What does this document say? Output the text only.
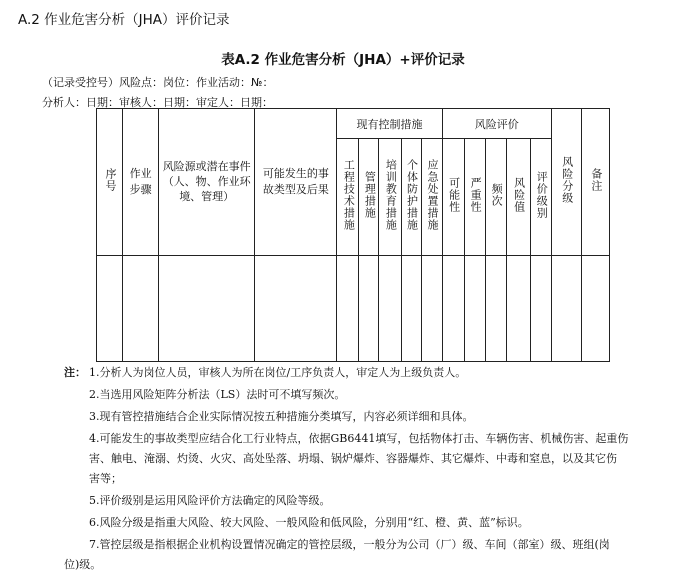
A.2 作业危害分析（JHA）评价记录
表A.2 作业危害分析（JHA）+评价记录
（记录受控号）风险点：岗位：作业活动：№：
分析人：日期：审核人：日期：审定人：日期：
序号	作业步骤	风险源或潜在事件（人、物、作业环境、管理）	可能发生的事故类型及后果	现有控制措施					风险评价					风险分级	备注
				工程技术措施	管理措施	培训教育措施	个体防护措施	应急处置措施	可能性	严重性	频次	风险值	评价级别		

注： 1.分析人为岗位人员，审核人为所在岗位/工序负责人，审定人为上级负责人。
2.当选用风险矩阵分析法（LS）法时可不填写频次。
3.现有管控措施结合企业实际情况按五种措施分类填写，内容必须详细和具体。
4.可能发生的事故类型应结合化工行业特点，依据GB6441填写，包括物体打击、车辆伤害、机械伤害、起重伤
害、触电、淹溺、灼烫、火灾、高处坠落、坍塌、锅炉爆炸、容器爆炸、其它爆炸、中毒和窒息，以及其它伤
害等；
5.评价级别是运用风险评价方法确定的风险等级。
6.风险分级是指重大风险、较大风险、一般风险和低风险，分别用“红、橙、黄、蓝”标识。
7.管控层级是指根据企业机构设置情况确定的管控层级，一般分为公司（厂）级、车间（部室）级、班组(岗
位)级。
